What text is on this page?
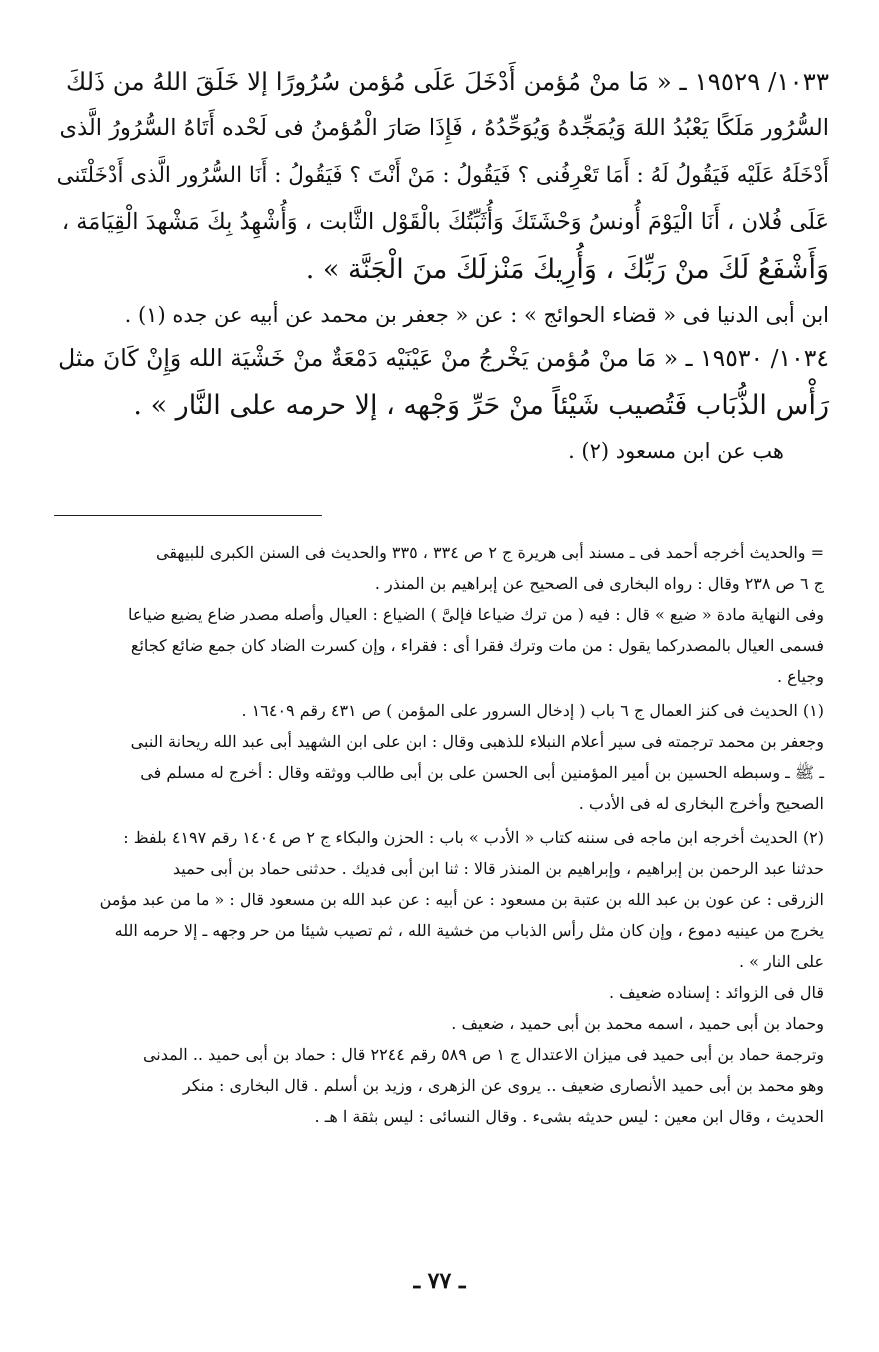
١٠٣٣/ ١٩٥٢٩ ـ « مَا منْ مُؤمن أَدْخَلَ عَلَى مُؤمن سُرُورًا إلا خَلَقَ اللهُ من ذَلكَ

السُّرُور مَلَكًا يَعْبُدُ اللهَ وَيُمَجِّدهُ وَيُوَحِّدُهُ ، فَإِذَا صَارَ الْمُؤمنُ فى لَحْده أَتَاهُ السُّرُورُ الَّذى

أَدْخَلَهُ عَلَيْه فَيَقُولُ لَهُ : أَمَا تَعْرِفُنى ؟ فَيَقُولُ : مَنْ أَنْتَ ؟ فَيَقُولُ : أَنَا السُّرُور الَّذى أَدْخَلْتَنى

عَلَى فُلان ، أَنَا الْيَوْمَ أُونسُ وَحْشَتَكَ وَأُثَبِّتُكَ بالْقَوْل الثَّابت ، وَأُشْهِدُ بِكَ مَشْهدَ الْقِيَامَة ،

وَأَشْفَعُ لَكَ منْ رَبِّكَ ، وَأُرِيكَ مَنْزلَكَ منَ الْجَنَّة » .

ابن أبى الدنيا فى « قضاء الحوائج » : عن « جعفر بن محمد عن أبيه عن جده (١) .

١٠٣٤/ ١٩٥٣٠ ـ « مَا منْ مُؤمن يَخْرجُ منْ عَيْنَيْه دَمْعَةٌ منْ خَشْيَة الله وَإِنْ كَانَ مثل

رَأْس الذُّبَاب فَتُصيب شَيْئاً منْ حَرِّ وَجْهه ، إلا حرمه على النَّار » .

هب عن ابن مسعود (٢) .

= والحديث أخرجه أحمد فى ـ مسند أبى هريرة ج ٢ ص ٣٣٤ ، ٣٣٥ والحديث فى السنن الكبرى للبيهقى

ج ٦ ص ٢٣٨ وقال : رواه البخارى فى الصحيح عن إبراهيم بن المنذر .

وفى النهاية مادة « ضيع » قال : فيه ( من ترك ضياعا فإلىَّ ) الضياع : العيال وأصله مصدر ضاع يضيع ضياعا

فسمى العيال بالمصدركما يقول : من مات وترك فقرا أى : فقراء ، وإن كسرت الضاد كان جمع ضائع كجائع

وجياع .

(١) الحديث فى كنز العمال ج ٦ باب ( إدخال السرور على المؤمن ) ص ٤٣١ رقم ١٦٤٠٩ .

وجعفر بن محمد ترجمته فى سير أعلام النبلاء للذهبى وقال : ابن على ابن الشهيد أبى عبد الله ريحانة النبى

ـ ﷺ ـ وسبطه الحسين بن أمير المؤمنين أبى الحسن على بن أبى طالب ووثقه وقال : أخرج له مسلم فى

الصحيح وأخرج البخارى له فى الأدب .

(٢) الحديث أخرجه ابن ماجه فى سننه كتاب « الأدب » باب : الحزن والبكاء ج ٢ ص ١٤٠٤ رقم ٤١٩٧ بلفظ :

حدثنا عبد الرحمن بن إبراهيم ، وإبراهيم بن المنذر قالا : ثنا ابن أبى فديك . حدثنى حماد بن أبى حميد

الزرقى : عن عون بن عبد الله بن عتبة بن مسعود : عن أبيه : عن عبد الله بن مسعود قال : « ما من عبد مؤمن

يخرج من عينيه دموع ، وإن كان مثل رأس الذباب من خشية الله ، ثم تصيب شيئا من حر وجهه ـ إلا حرمه الله

على النار » .

قال فى الزوائد : إسناده ضعيف .

وحماد بن أبى حميد ، اسمه محمد بن أبى حميد ، ضعيف .

وترجمة حماد بن أبى حميد فى ميزان الاعتدال ج ١ ص ٥٨٩ رقم ٢٢٤٤ قال : حماد بن أبى حميد .. المدنى

وهو محمد بن أبى حميد الأنصارى ضعيف .. يروى عن الزهرى ، وزيد بن أسلم . قال البخارى : منكر

الحديث ، وقال ابن معين : ليس حديثه بشىء . وقال النسائى : ليس بثقة ا هـ .

ـ ٧٧ ـ
